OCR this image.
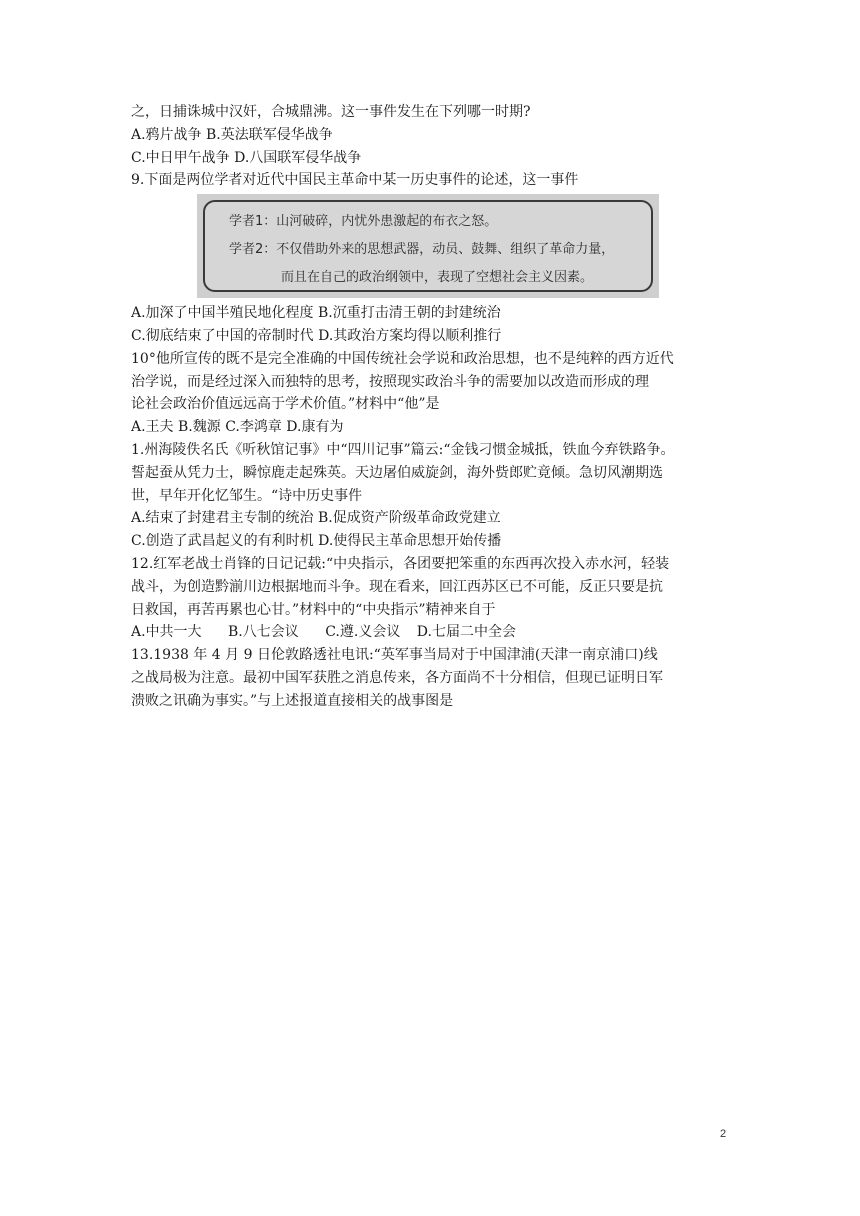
之，日捕诛城中汉奸，合城鼎沸。这一事件发生在下列哪一时期?
A.鸦片战争 B.英法联军侵华战争
C.中日甲午战争 D.八国联军侵华战争
9.下面是两位学者对近代中国民主革命中某一历史事件的论述，这一事件
学者1：山河破碎，内忧外患激起的布衣之怒。
学者2：不仅借助外来的思想武器，动员、鼓舞、组织了革命力量，
而且在自己的政治纲领中，表现了空想社会主义因素。
A.加深了中国半殖民地化程度 B.沉重打击清王朝的封建统治
C.彻底结束了中国的帝制时代 D.其政治方案均得以顺利推行
10°他所宣传的既不是完全准确的中国传统社会学说和政治思想，也不是纯粹的西方近代
治学说，而是经过深入而独特的思考，按照现实政治斗争的需要加以改造而形成的理
论社会政治价值远远高于学术价值。”材料中“他”是
A.王夫 B.魏源 C.李鸿章 D.康有为
1.州海陵佚名氏《听秋馆记事》中“四川记事”篇云:“金钱刁惯金城抵，铁血今弃铁路争。
誓起蚕从凭力士，瞬惊鹿走起殊英。天边屠伯威旋剑，海外赀郎贮竟倾。急切风潮期选
世，早年开化忆邹生。“诗中历史事件
A.结束了封建君主专制的统治 B.促成资产阶级革命政党建立
C.创造了武昌起义的有利时机 D.使得民主革命思想开始传播
12.红军老战士肖锋的日记记载:“中央指示，各团要把笨重的东西再次投入赤水河，轻装
战斗，为创造黔湔川边根据地而斗争。现在看来，回江西苏区已不可能，反正只要是抗
日救国，再苦再累也心甘。”材料中的“中央指示”精神来自于
A.中共一大 B.八七会议 C.遵.义会议 D.七届二中全会
13.1938 年 4 月 9 日伦敦路透社电讯:“英军事当局对于中国津浦(天津一南京浦口)线
之战局极为注意。最初中国军获胜之消息传来，各方面尚不十分相信，但现已证明日军
溃败之讯确为事实。”与上述报道直接相关的战事图是
2
